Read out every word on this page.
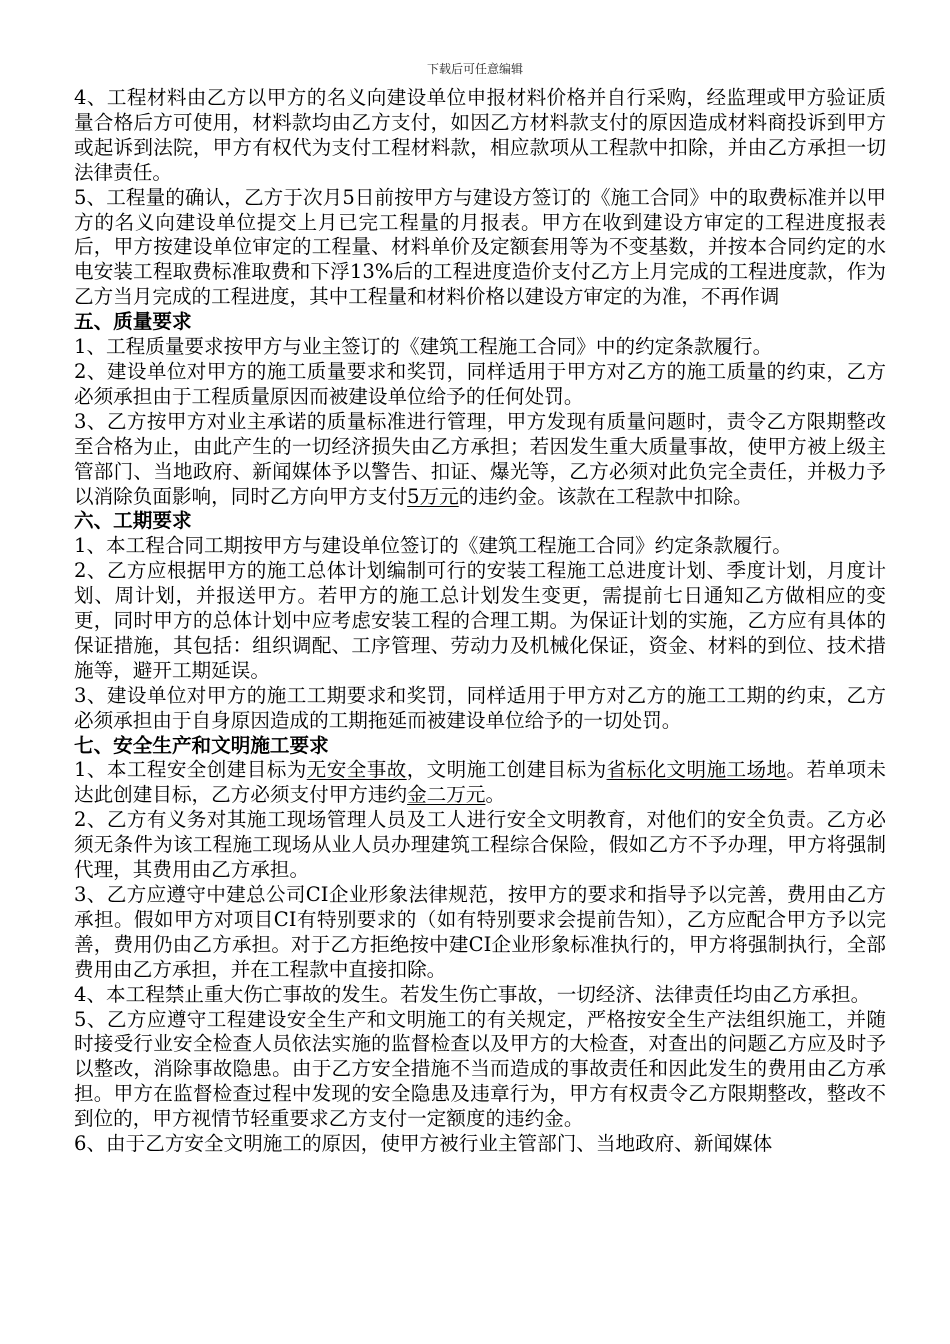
下载后可任意编辑

4、工程材料由乙方以甲方的名义向建设单位申报材料价格并自行采购，经监理或甲方验证质量合格后方可使用，材料款均由乙方支付，如因乙方材料款支付的原因造成材料商投诉到甲方或起诉到法院，甲方有权代为支付工程材料款，相应款项从工程款中扣除，并由乙方承担一切法律责任。

5、工程量的确认，乙方于次月5日前按甲方与建设方签订的《施工合同》中的取费标准并以甲方的名义向建设单位提交上月已完工程量的月报表。甲方在收到建设方审定的工程进度报表后，甲方按建设单位审定的工程量、材料单价及定额套用等为不变基数，并按本合同约定的水电安装工程取费标准取费和下浮13%后的工程进度造价支付乙方上月完成的工程进度款，作为乙方当月完成的工程进度，其中工程量和材料价格以建设方审定的为准，不再作调

五、质量要求

1、工程质量要求按甲方与业主签订的《建筑工程施工合同》中的约定条款履行。

2、建设单位对甲方的施工质量要求和奖罚，同样适用于甲方对乙方的施工质量的约束，乙方必须承担由于工程质量原因而被建设单位给予的任何处罚。

3、乙方按甲方对业主承诺的质量标准进行管理，甲方发现有质量问题时，责令乙方限期整改至合格为止，由此产生的一切经济损失由乙方承担；若因发生重大质量事故，使甲方被上级主管部门、当地政府、新闻媒体予以警告、扣证、爆光等，乙方必须对此负完全责任，并极力予以消除负面影响，同时乙方向甲方支付5万元的违约金。该款在工程款中扣除。

六、工期要求

1、本工程合同工期按甲方与建设单位签订的《建筑工程施工合同》约定条款履行。

2、乙方应根据甲方的施工总体计划编制可行的安装工程施工总进度计划、季度计划，月度计划、周计划，并报送甲方。若甲方的施工总计划发生变更，需提前七日通知乙方做相应的变更，同时甲方的总体计划中应考虑安装工程的合理工期。为保证计划的实施，乙方应有具体的保证措施，其包括：组织调配、工序管理、劳动力及机械化保证，资金、材料的到位、技术措施等，避开工期延误。

3、建设单位对甲方的施工工期要求和奖罚，同样适用于甲方对乙方的施工工期的约束，乙方必须承担由于自身原因造成的工期拖延而被建设单位给予的一切处罚。

七、安全生产和文明施工要求

1、本工程安全创建目标为无安全事故，文明施工创建目标为省标化文明施工场地。若单项未达此创建目标，乙方必须支付甲方违约金二万元。

2、乙方有义务对其施工现场管理人员及工人进行安全文明教育，对他们的安全负责。乙方必须无条件为该工程施工现场从业人员办理建筑工程综合保险，假如乙方不予办理，甲方将强制代理，其费用由乙方承担。

3、乙方应遵守中建总公司CI企业形象法律规范，按甲方的要求和指导予以完善，费用由乙方承担。假如甲方对项目CI有特别要求的（如有特别要求会提前告知），乙方应配合甲方予以完善，费用仍由乙方承担。对于乙方拒绝按中建CI企业形象标准执行的，甲方将强制执行，全部费用由乙方承担，并在工程款中直接扣除。

4、本工程禁止重大伤亡事故的发生。若发生伤亡事故，一切经济、法律责任均由乙方承担。

5、乙方应遵守工程建设安全生产和文明施工的有关规定，严格按安全生产法组织施工，并随时接受行业安全检查人员依法实施的监督检查以及甲方的大检查，对查出的问题乙方应及时予以整改，消除事故隐患。由于乙方安全措施不当而造成的事故责任和因此发生的费用由乙方承担。甲方在监督检查过程中发现的安全隐患及违章行为，甲方有权责令乙方限期整改，整改不到位的，甲方视情节轻重要求乙方支付一定额度的违约金。

6、由于乙方安全文明施工的原因，使甲方被行业主管部门、当地政府、新闻媒体
